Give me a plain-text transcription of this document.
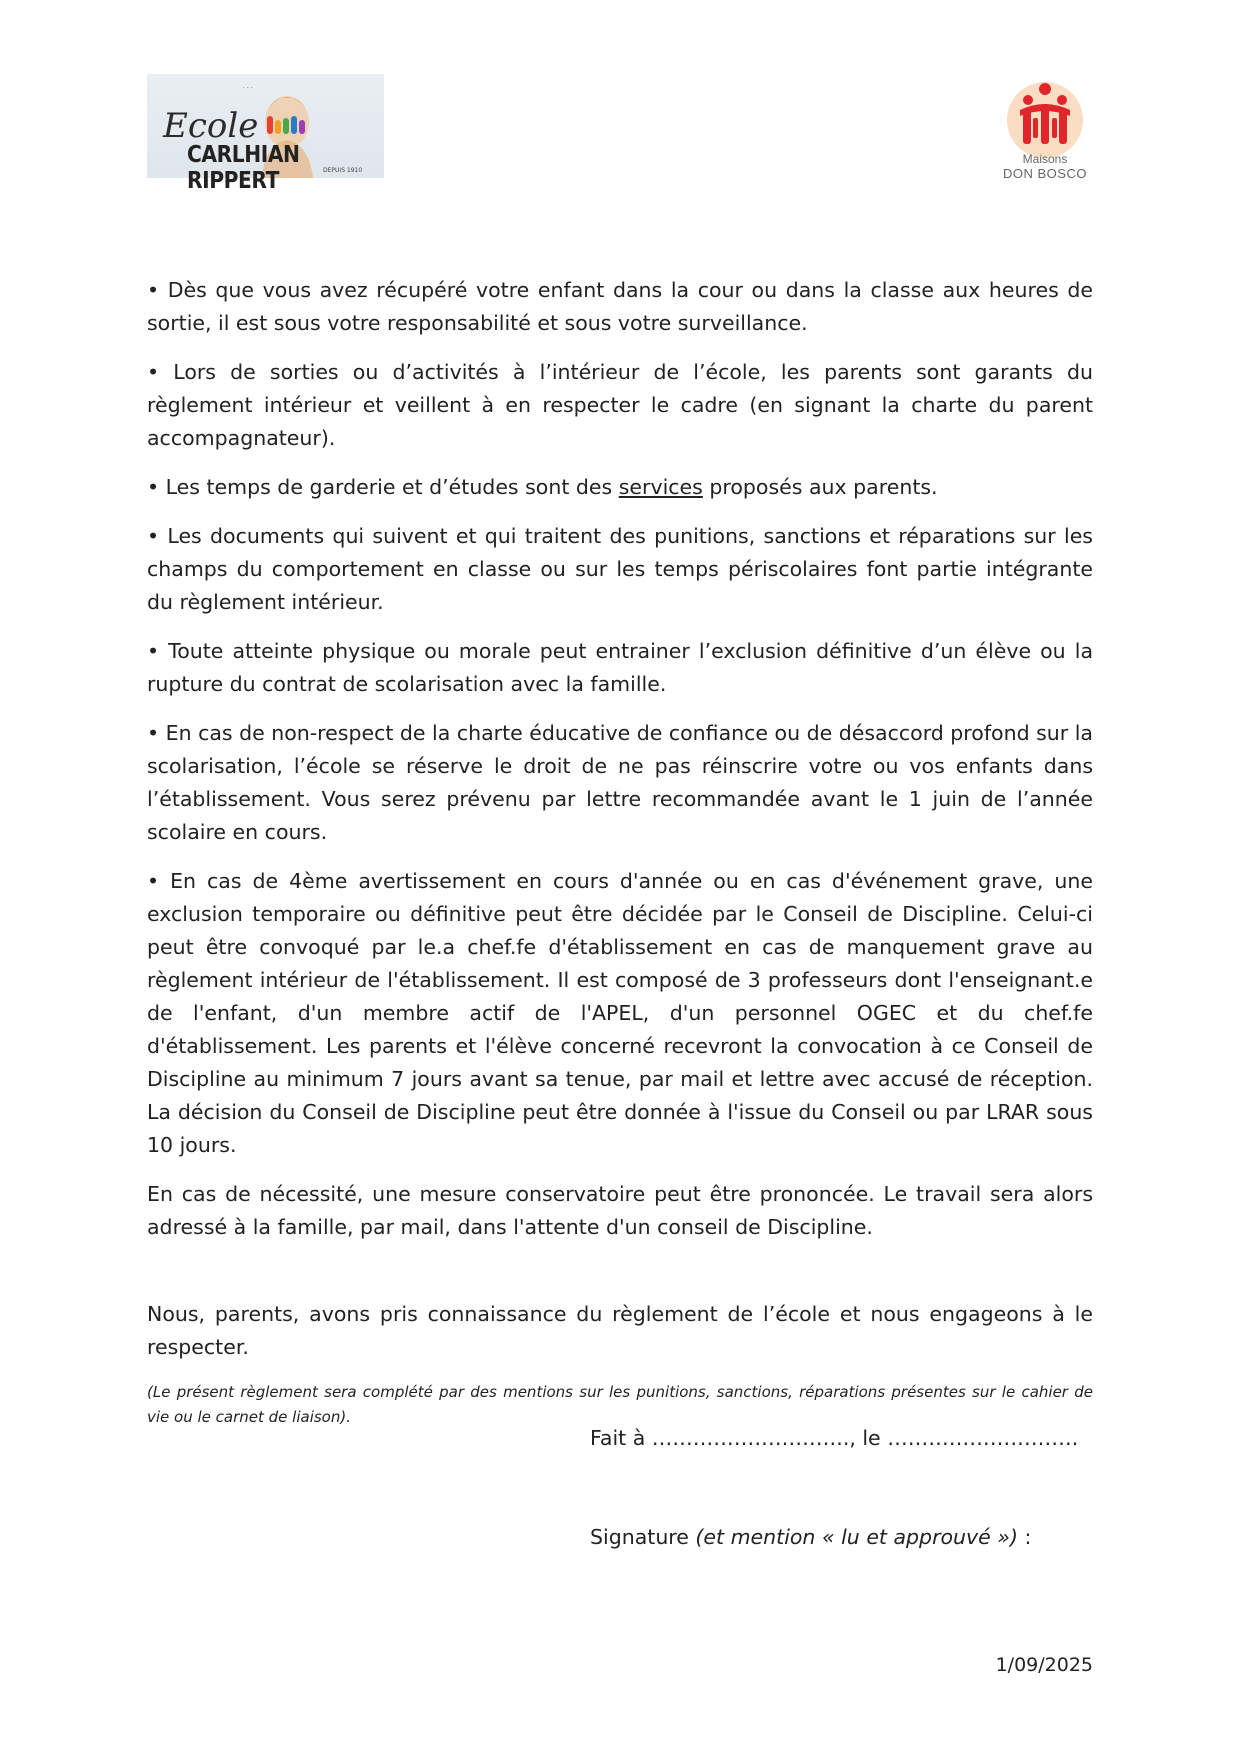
· · ·
Ecole
CARLHIAN RIPPERT	DEPUIS 1910
Maisons
DON BOSCO

• Dès que vous avez récupéré votre enfant dans la cour ou dans la classe aux heures de sortie, il est sous votre responsabilité et sous votre surveillance.

• Lors de sorties ou d’activités à l’intérieur de l’école, les parents sont garants du règlement intérieur et veillent à en respecter le cadre (en signant la charte du parent accompagnateur).

• Les temps de garderie et d’études sont des services proposés aux parents.

• Les documents qui suivent et qui traitent des punitions, sanctions et réparations sur les champs du comportement en classe ou sur les temps périscolaires font partie intégrante du règlement intérieur.

• Toute atteinte physique ou morale peut entrainer l’exclusion définitive d’un élève ou la rupture du contrat de scolarisation avec la famille.

• En cas de non-respect de la charte éducative de confiance ou de désaccord profond sur la scolarisation, l’école se réserve le droit de ne pas réinscrire votre ou vos enfants dans l’établissement. Vous serez prévenu par lettre recommandée avant le 1 juin de l’année scolaire en cours.

• En cas de 4ème avertissement en cours d'année ou en cas d'événement grave, une exclusion temporaire ou définitive peut être décidée par le Conseil de Discipline. Celui-ci peut être convoqué par le.a chef.fe d'établissement en cas de manquement grave au règlement intérieur de l'établissement. Il est composé de 3 professeurs dont l'enseignant.e de l'enfant, d'un membre actif de l'APEL, d'un personnel OGEC et du chef.fe d'établissement. Les parents et l'élève concerné recevront la convocation à ce Conseil de Discipline au minimum 7 jours avant sa tenue, par mail et lettre avec accusé de réception. La décision du Conseil de Discipline peut être donnée à l'issue du Conseil ou par LRAR sous 10 jours.

En cas de nécessité, une mesure conservatoire peut être prononcée. Le travail sera alors adressé à la famille, par mail, dans l'attente d'un conseil de Discipline.

Nous, parents, avons pris connaissance du règlement de l’école et nous engageons à le respecter.

(Le présent règlement sera complété par des mentions sur les punitions, sanctions, réparations présentes sur le cahier de vie ou le carnet de liaison).

Fait à ……………………….., le ……………………….
Signature (et mention « lu et approuvé ») :
1/09/2025
